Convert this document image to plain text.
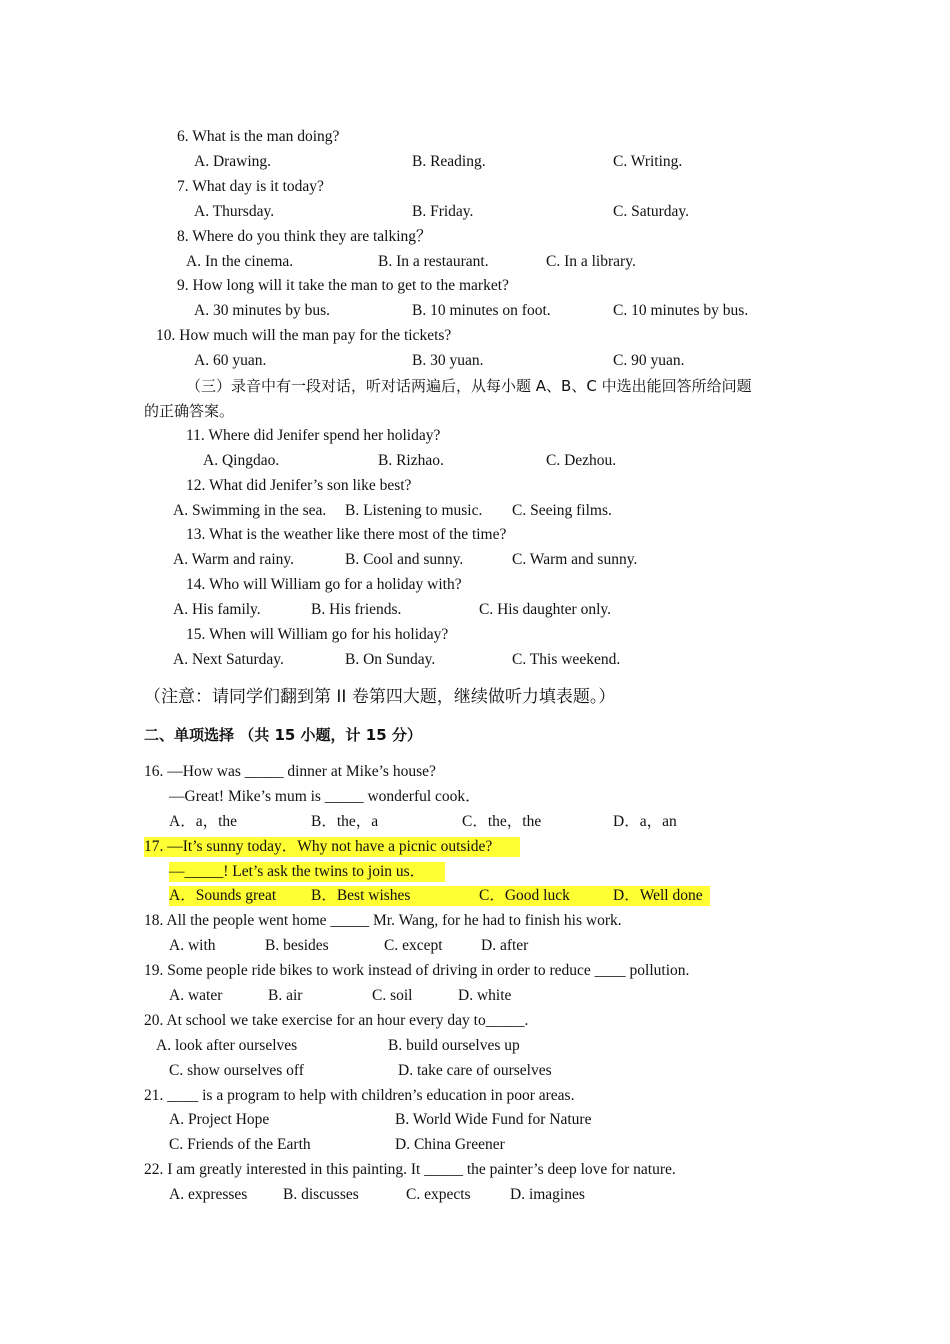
6. What is the man doing?
A. Drawing.	B. Reading.	C. Writing.
7. What day is it today?
A. Thursday.	B. Friday.	C. Saturday.
8. Where do you think they are talking？
A. In the cinema.	B. In a restaurant.	C. In a library.
9. How long will it take the man to get to the market?
A. 30 minutes by bus.	B. 10 minutes on foot.	C. 10 minutes by bus.
10. How much will the man pay for the tickets?
A. 60 yuan.	B. 30 yuan.	C. 90 yuan.
（三）录音中有一段对话，听对话两遍后，从每小题 A、B、C 中选出能回答所给问题
的正确答案。
11. Where did Jenifer spend her holiday?
A. Qingdao.	B. Rizhao.	C. Dezhou.
12. What did Jenifer’s son like best?
A. Swimming in the sea. B. Listening to music. C. Seeing films.
13. What is the weather like there most of the time?
A. Warm and rainy.	B. Cool and sunny.	C. Warm and sunny.
14. Who will William go for a holiday with?
A. His family.	B. His friends.	C. His daughter only.
15. When will William go for his holiday?
A. Next Saturday.	B. On Sunday.	C. This weekend.
（注意：请同学们翻到第 II 卷第四大题，继续做听力填表题。）
二、单项选择 （共 15 小题，计 15 分）
16. —How was _____ dinner at Mike’s house?
—Great! Mike’s mum is _____ wonderful cook．
A．a，the	B．the，a	C．the，the	D．a，an
17. —It’s sunny today．Why not have a picnic outside?
—_____! Let’s ask the twins to join us．
A．Sounds great B．Best wishes	C．Good luck	D．Well done
18. All the people went home _____ Mr. Wang, for he had to finish his work.
A. with	B. besides	C. except D. after
19. Some people ride bikes to work instead of driving in order to reduce ____ pollution.
A. water	B. air	C. soil	D. white
20. At school we take exercise for an hour every day to_____.
A. look after ourselves	B. build ourselves up
C. show ourselves off	D. take care of ourselves
21. ____ is a program to help with children’s education in poor areas.
A. Project Hope	B. World Wide Fund for Nature
C. Friends of the Earth	D. China Greener
22. I am greatly interested in this painting. It _____ the painter’s deep love for nature.
A. expresses B. discusses	C. expects	D. imagines
